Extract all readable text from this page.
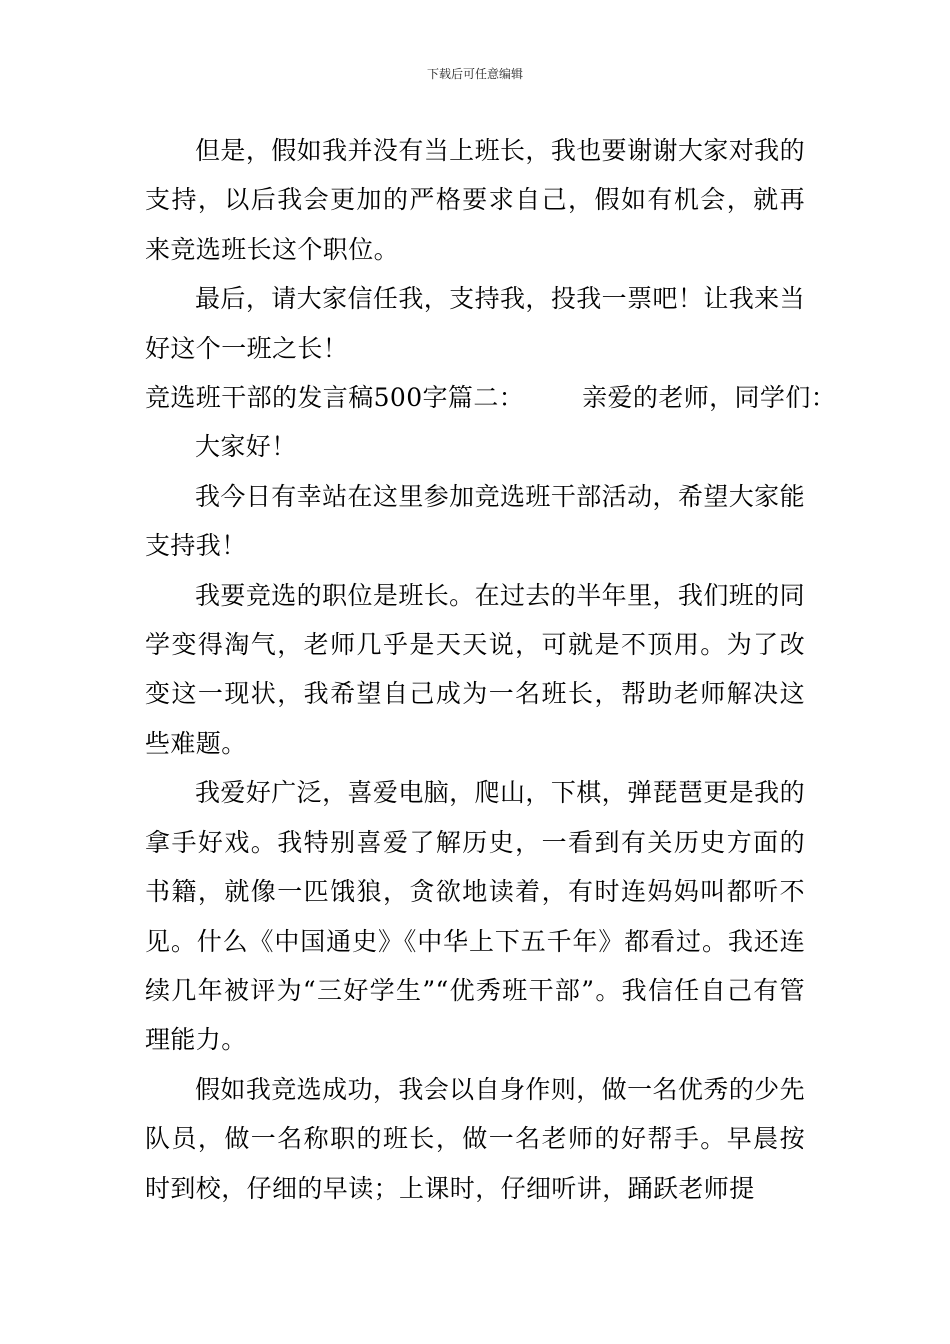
下载后可任意编辑

但是，假如我并没有当上班长，我也要谢谢大家对我的支持，以后我会更加的严格要求自己，假如有机会，就再来竞选班长这个职位。

最后，请大家信任我，支持我，投我一票吧！让我来当好这个一班之长！

竞选班干部的发言稿500字篇二： 亲爱的老师，同学们：

大家好！

我今日有幸站在这里参加竞选班干部活动，希望大家能支持我！

我要竞选的职位是班长。在过去的半年里，我们班的同学变得淘气，老师几乎是天天说，可就是不顶用。为了改变这一现状，我希望自己成为一名班长，帮助老师解决这些难题。

我爱好广泛，喜爱电脑，爬山，下棋，弹琵琶更是我的拿手好戏。我特别喜爱了解历史，一看到有关历史方面的书籍，就像一匹饿狼，贪欲地读着，有时连妈妈叫都听不见。什么《中国通史》《中华上下五千年》都看过。我还连续几年被评为“三好学生”“优秀班干部”。我信任自己有管理能力。

假如我竞选成功，我会以自身作则，做一名优秀的少先队员，做一名称职的班长，做一名老师的好帮手。早晨按时到校，仔细的早读；上课时，仔细听讲，踊跃老师提
